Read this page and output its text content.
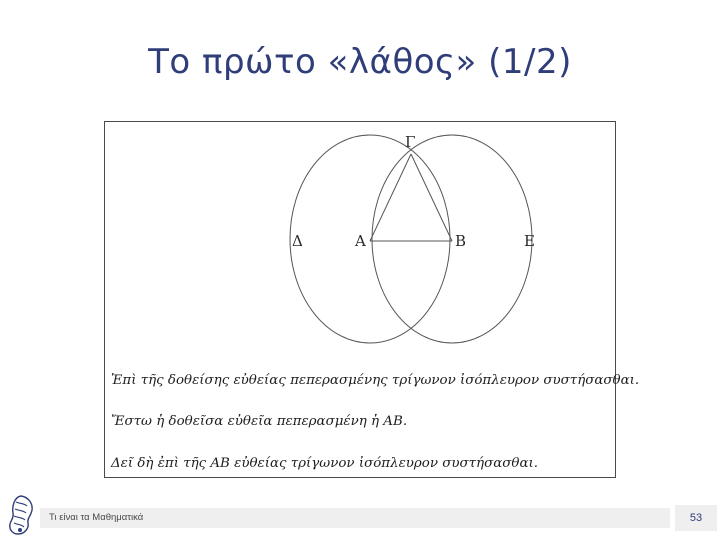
Το πρώτο «λάθος» (1/2)
Γ
Δ	Α	Β	Ε
Ἐπὶ τῆς δοθείσης εὐθείας πεπερασμένης τρίγωνον ἰσόπλευρον συστήσασθαι.
Ἔστω ἡ δοθεῖσα εὐθεῖα πεπερασμένη ἡ ΑΒ.
Δεῖ δὴ ἐπὶ τῆς ΑΒ εὐθείας τρίγωνον ἰσόπλευρον συστήσασθαι.
Τι είναι τα Μαθηματικά	53
